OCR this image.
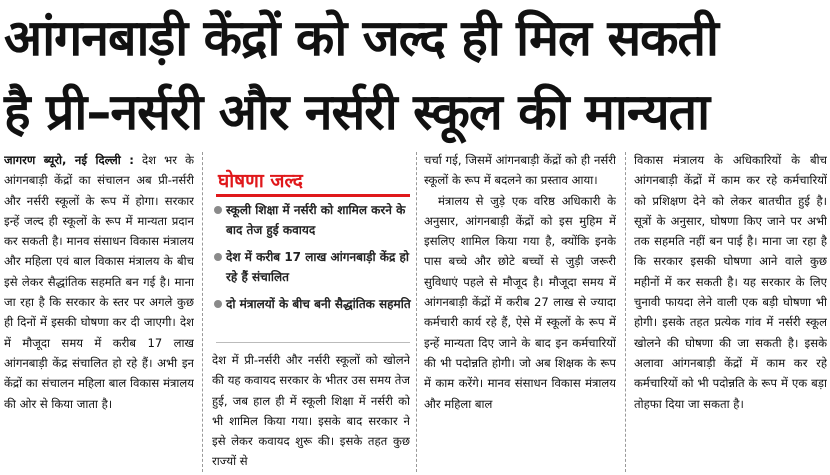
आंगनबाड़ी केंद्रों को जल्द ही मिल सकती
है प्री–नर्सरी और नर्सरी स्कूल की मान्यता

जागरण ब्यूरो, नई दिल्ली : देश भर के आंगनबाड़ी केंद्रों का संचालन अब प्री-नर्सरी और नर्सरी स्कूलों के रूप में होगा। सरकार इन्हें जल्द ही स्कूलों के रूप में मान्यता प्रदान कर सकती है। मानव संसाधन विकास मंत्रालय और महिला एवं बाल विकास मंत्रालय के बीच इसे लेकर सैद्धांतिक सहमति बन गई है। माना जा रहा है कि सरकार के स्तर पर अगले कुछ ही दिनों में इसकी घोषणा कर दी जाएगी। देश में मौजूदा समय में करीब 17 लाख आंगनबाड़ी केंद्र संचालित हो रहे हैं। अभी इन केंद्रों का संचालन महिला बाल विकास मंत्रालय की ओर से किया जाता है।

घोषणा जल्द
स्कूली शिक्षा में नर्सरी को शामिल करने के बाद तेज हुई कवायद
देश में करीब 17 लाख आंगनबाड़ी केंद्र हो रहे हैं संचालित
दो मंत्रालयों के बीच बनी सैद्धांतिक सहमति

देश में प्री-नर्सरी और नर्सरी स्कूलों को खोलने की यह कवायद सरकार के भीतर उस समय तेज हुई, जब हाल ही में स्कूली शिक्षा में नर्सरी को भी शामिल किया गया। इसके बाद सरकार ने इसे लेकर कवायद शुरू की। इसके तहत कुछ राज्यों से

चर्चा गई, जिसमें आंगनबाड़ी केंद्रों को ही नर्सरी स्कूलों के रूप में बदलने का प्रस्ताव आया।

मंत्रालय से जुड़े एक वरिष्ठ अधिकारी के अनुसार, आंगनबाड़ी केंद्रों को इस मुहिम में इसलिए शामिल किया गया है, क्योंकि इनके पास बच्चे और छोटे बच्चों से जुड़ी जरूरी सुविधाएं पहले से मौजूद है। मौजूदा समय में आंगनबाड़ी केंद्रों में करीब 27 लाख से ज्यादा कर्मचारी कार्य रहे हैं, ऐसे में स्कूलों के रूप में इन्हें मान्यता दिए जाने के बाद इन कर्मचारियों की भी पदोन्नति होगी। जो अब शिक्षक के रूप में काम करेंगे। मानव संसाधन विकास मंत्रालय और महिला बाल

विकास मंत्रालय के अधिकारियों के बीच आंगनबाड़ी केंद्रों में काम कर रहे कर्मचारियों को प्रशिक्षण देने को लेकर बातचीत हुई है। सूत्रों के अनुसार, घोषणा किए जाने पर अभी तक सहमति नहीं बन पाई है। माना जा रहा है कि सरकार इसकी घोषणा आने वाले कुछ महीनों में कर सकती है। यह सरकार के लिए चुनावी फायदा लेने वाली एक बड़ी घोषणा भी होगी। इसके तहत प्रत्येक गांव में नर्सरी स्कूल खोलने की घोषणा की जा सकती है। इसके अलावा आंगनबाड़ी केंद्रों में काम कर रहे कर्मचारियों को भी पदोन्नति के रूप में एक बड़ा तोहफा दिया जा सकता है।
